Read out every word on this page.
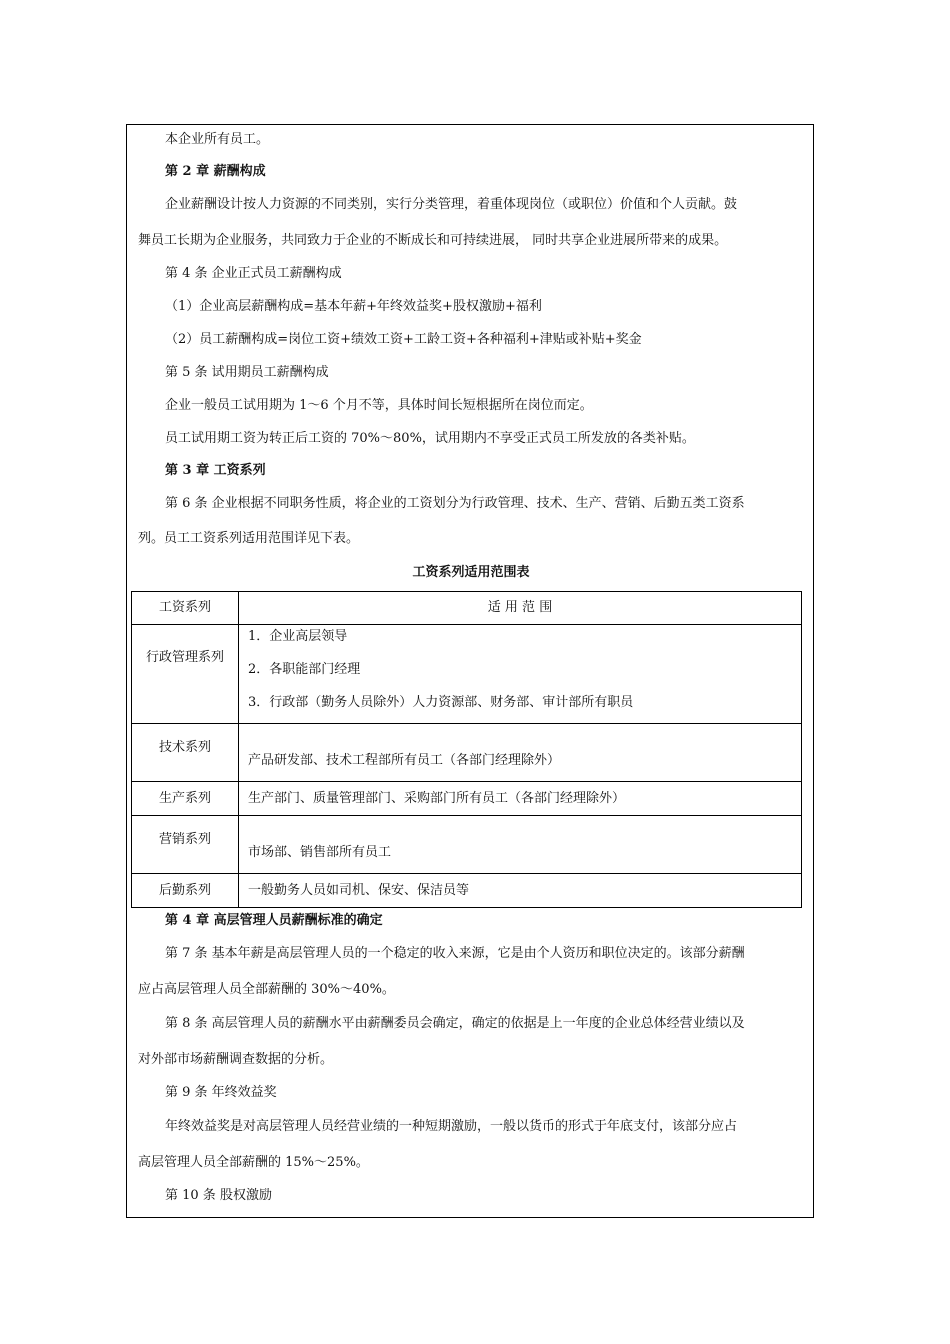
本企业所有员工。
第 2 章 薪酬构成
企业薪酬设计按人力资源的不同类别，实行分类管理，着重体现岗位（或职位）价值和个人贡献。鼓
舞员工长期为企业服务，共同致力于企业的不断成长和可持续进展， 同时共享企业进展所带来的成果。
第 4 条 企业正式员工薪酬构成
（1）企业高层薪酬构成=基本年薪+年终效益奖+股权激励+福利
（2）员工薪酬构成=岗位工资+绩效工资+工龄工资+各种福利+津贴或补贴+奖金
第 5 条 试用期员工薪酬构成
企业一般员工试用期为 1～6 个月不等，具体时间长短根据所在岗位而定。
员工试用期工资为转正后工资的 70%～80%，试用期内不享受正式员工所发放的各类补贴。
第 3 章 工资系列
第 6 条 企业根据不同职务性质，将企业的工资划分为行政管理、技术、生产、营销、后勤五类工资系
列。员工工资系列适用范围详见下表。
工资系列适用范围表
工资系列	适 用 范 围

行政管理系列	1．企业高层领导
2．各职能部门经理
3．行政部（勤务人员除外）人力资源部、财务部、审计部所有职员

技术系列	产品研发部、技术工程部所有员工（各部门经理除外）

生产系列	生产部门、质量管理部门、采购部门所有员工（各部门经理除外）

营销系列	市场部、销售部所有员工

后勤系列	一般勤务人员如司机、保安、保洁员等
第 4 章 高层管理人员薪酬标准的确定
第 7 条 基本年薪是高层管理人员的一个稳定的收入来源，它是由个人资历和职位决定的。该部分薪酬
应占高层管理人员全部薪酬的 30%～40%。
第 8 条 高层管理人员的薪酬水平由薪酬委员会确定，确定的依据是上一年度的企业总体经营业绩以及
对外部市场薪酬调查数据的分析。
第 9 条 年终效益奖
年终效益奖是对高层管理人员经营业绩的一种短期激励，一般以货币的形式于年底支付，该部分应占
高层管理人员全部薪酬的 15%～25%。
第 10 条 股权激励
